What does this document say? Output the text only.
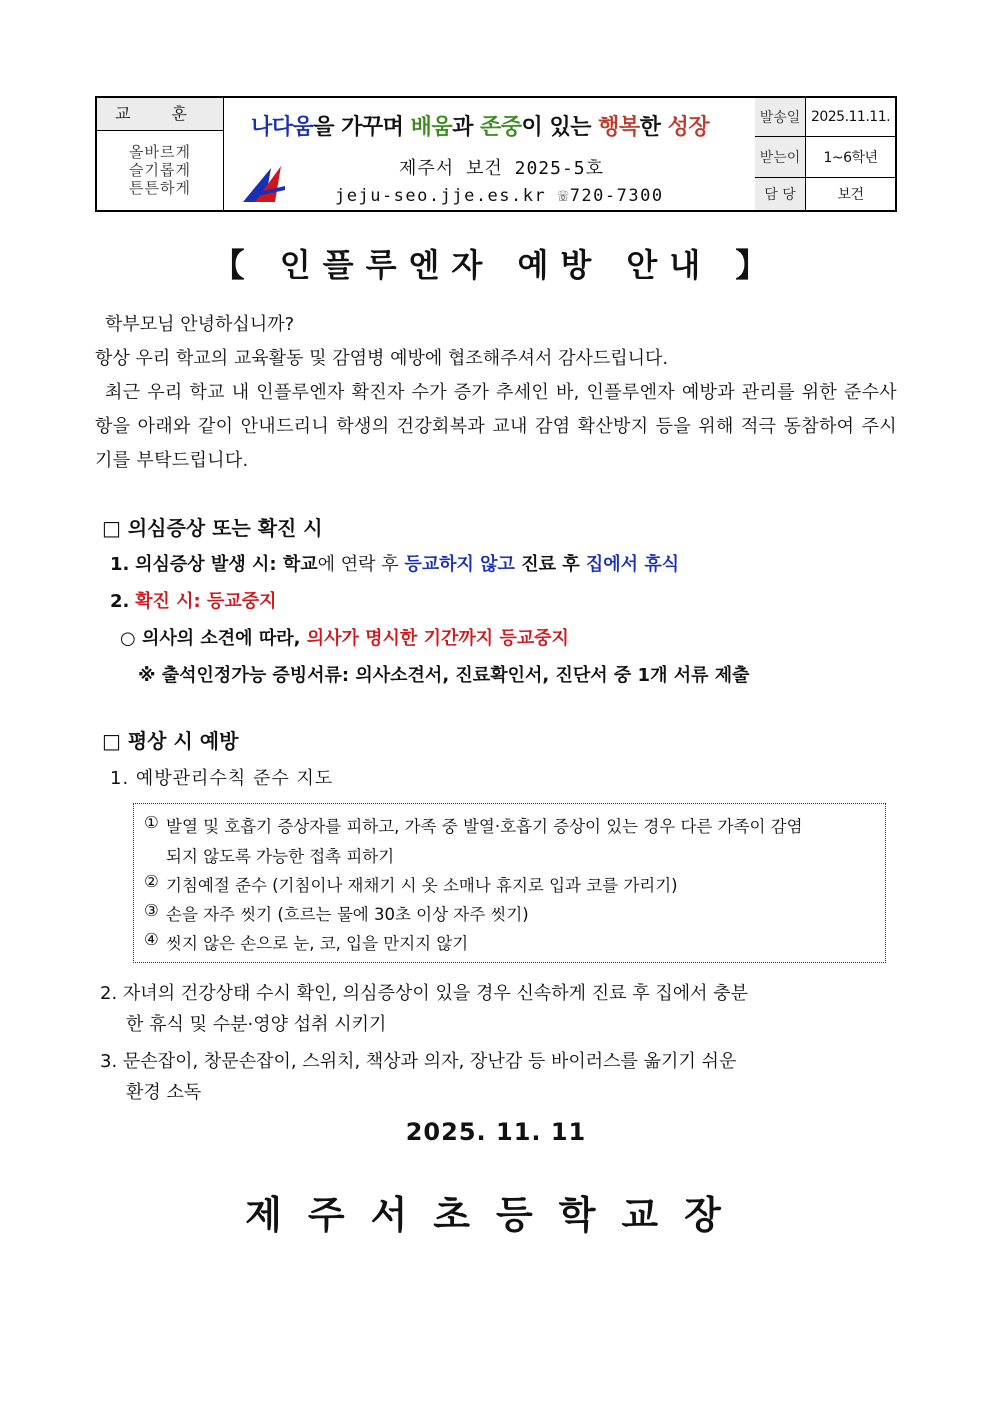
교 훈
올바르게
슬기롭게
튼튼하게
나다움을 가꾸며 배움과 존중이 있는 행복한 성장
제주서 보건 2025-5호
jeju-seo.jje.es.kr ☏720-7300
발송일 2025.11.11.
받는이	1~6학년
담 당	보건
【 인플루엔자 예방 안내 】
학부모님 안녕하십니까?
항상 우리 학교의 교육활동 및 감염병 예방에 협조해주셔서 감사드립니다.
최근 우리 학교 내 인플루엔자 확진자 수가 증가 추세인 바, 인플루엔자 예방과 관리를 위한 준수사항을 아래와 같이 안내드리니 학생의 건강회복과 교내 감염 확산방지 등을 위해 적극 동참하여 주시기를 부탁드립니다.
□ 의심증상 또는 확진 시
1. 의심증상 발생 시: 학교에 연락 후 등교하지 않고 진료 후 집에서 휴식
2. 확진 시: 등교중지
○ 의사의 소견에 따라, 의사가 명시한 기간까지 등교중지
※ 출석인정가능 증빙서류: 의사소견서, 진료확인서, 진단서 중 1개 서류 제출
□ 평상 시 예방
1. 예방관리수칙 준수 지도
① 발열 및 호흡기 증상자를 피하고, 가족 중 발열·호흡기 증상이 있는 경우 다른 가족이 감염
되지 않도록 가능한 접촉 피하기
② 기침예절 준수 (기침이나 재채기 시 옷 소매나 휴지로 입과 코를 가리기)
③ 손을 자주 씻기 (흐르는 물에 30초 이상 자주 씻기)
④ 씻지 않은 손으로 눈, 코, 입을 만지지 않기
2. 자녀의 건강상태 수시 확인, 의심증상이 있을 경우 신속하게 진료 후 집에서 충분
한 휴식 및 수분·영양 섭취 시키기
3. 문손잡이, 창문손잡이, 스위치, 책상과 의자, 장난감 등 바이러스를 옮기기 쉬운
환경 소독
2025. 11. 11
제주서초등학교장
